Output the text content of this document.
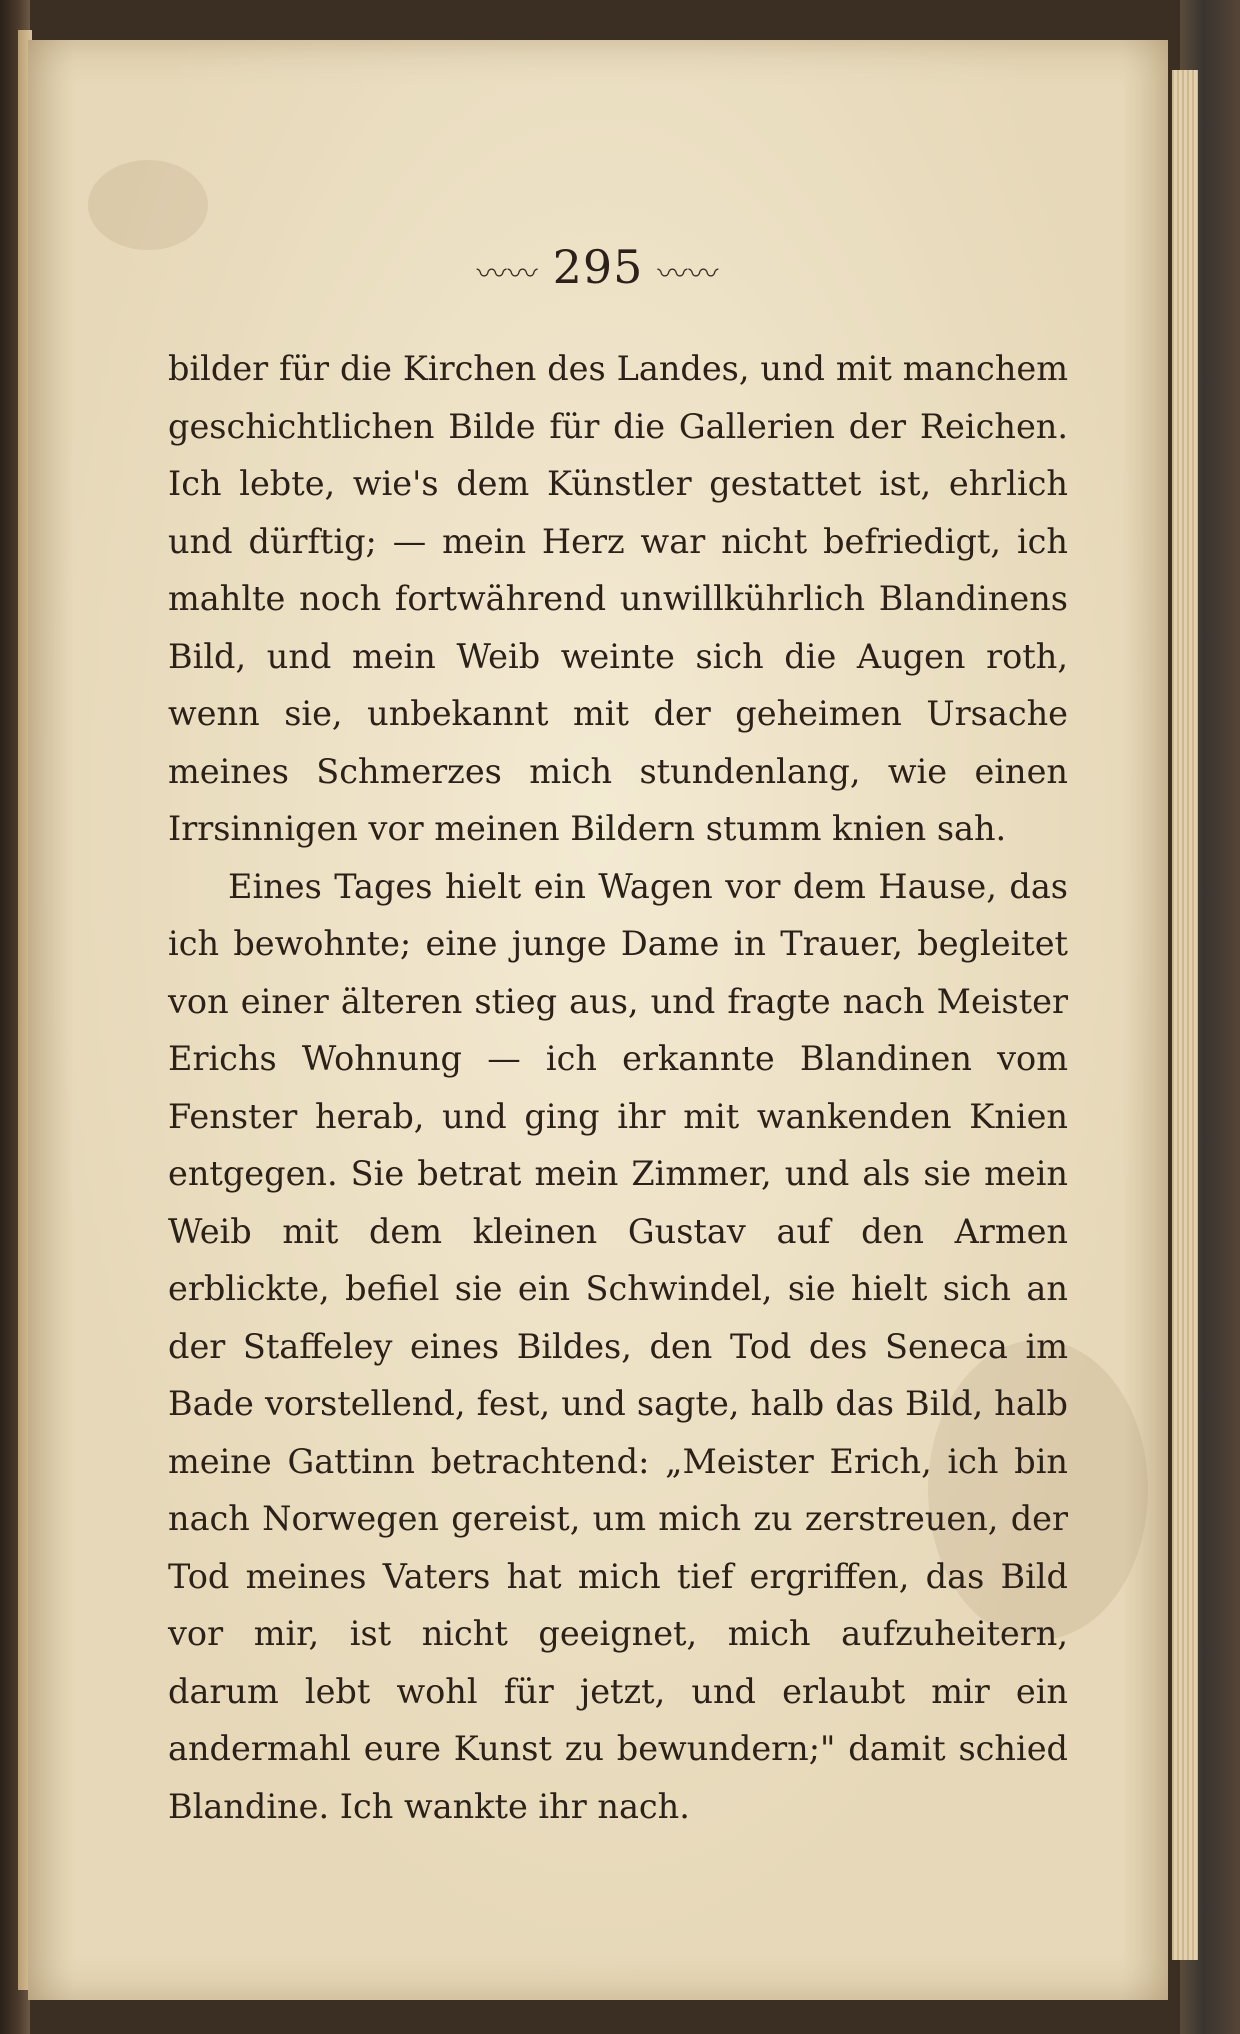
〰〰 295 〰〰

bilder für die Kirchen des Landes, und mit manchem geschichtlichen Bilde für die Gallerien der Reichen. Ich lebte, wie's dem Künstler gestattet ist, ehrlich und dürftig; — mein Herz war nicht befriedigt, ich mahlte noch fortwährend unwillkührlich Blandinens Bild, und mein Weib weinte sich die Augen roth, wenn sie, unbekannt mit der geheimen Ursache meines Schmerzes mich stundenlang, wie einen Irrsinnigen vor meinen Bildern stumm knien sah.

Eines Tages hielt ein Wagen vor dem Hause, das ich bewohnte; eine junge Dame in Trauer, begleitet von einer älteren stieg aus, und fragte nach Meister Erichs Wohnung — ich erkannte Blandinen vom Fenster herab, und ging ihr mit wankenden Knien entgegen. Sie betrat mein Zimmer, und als sie mein Weib mit dem kleinen Gustav auf den Armen erblickte, befiel sie ein Schwindel, sie hielt sich an der Staffeley eines Bildes, den Tod des Seneca im Bade vorstellend, fest, und sagte, halb das Bild, halb meine Gattinn betrachtend: „Meister Erich, ich bin nach Norwegen gereist, um mich zu zerstreuen, der Tod meines Vaters hat mich tief ergriffen, das Bild vor mir, ist nicht geeignet, mich aufzuheitern, darum lebt wohl für jetzt, und erlaubt mir ein andermahl eure Kunst zu bewundern;" damit schied Blandine. Ich wankte ihr nach.
